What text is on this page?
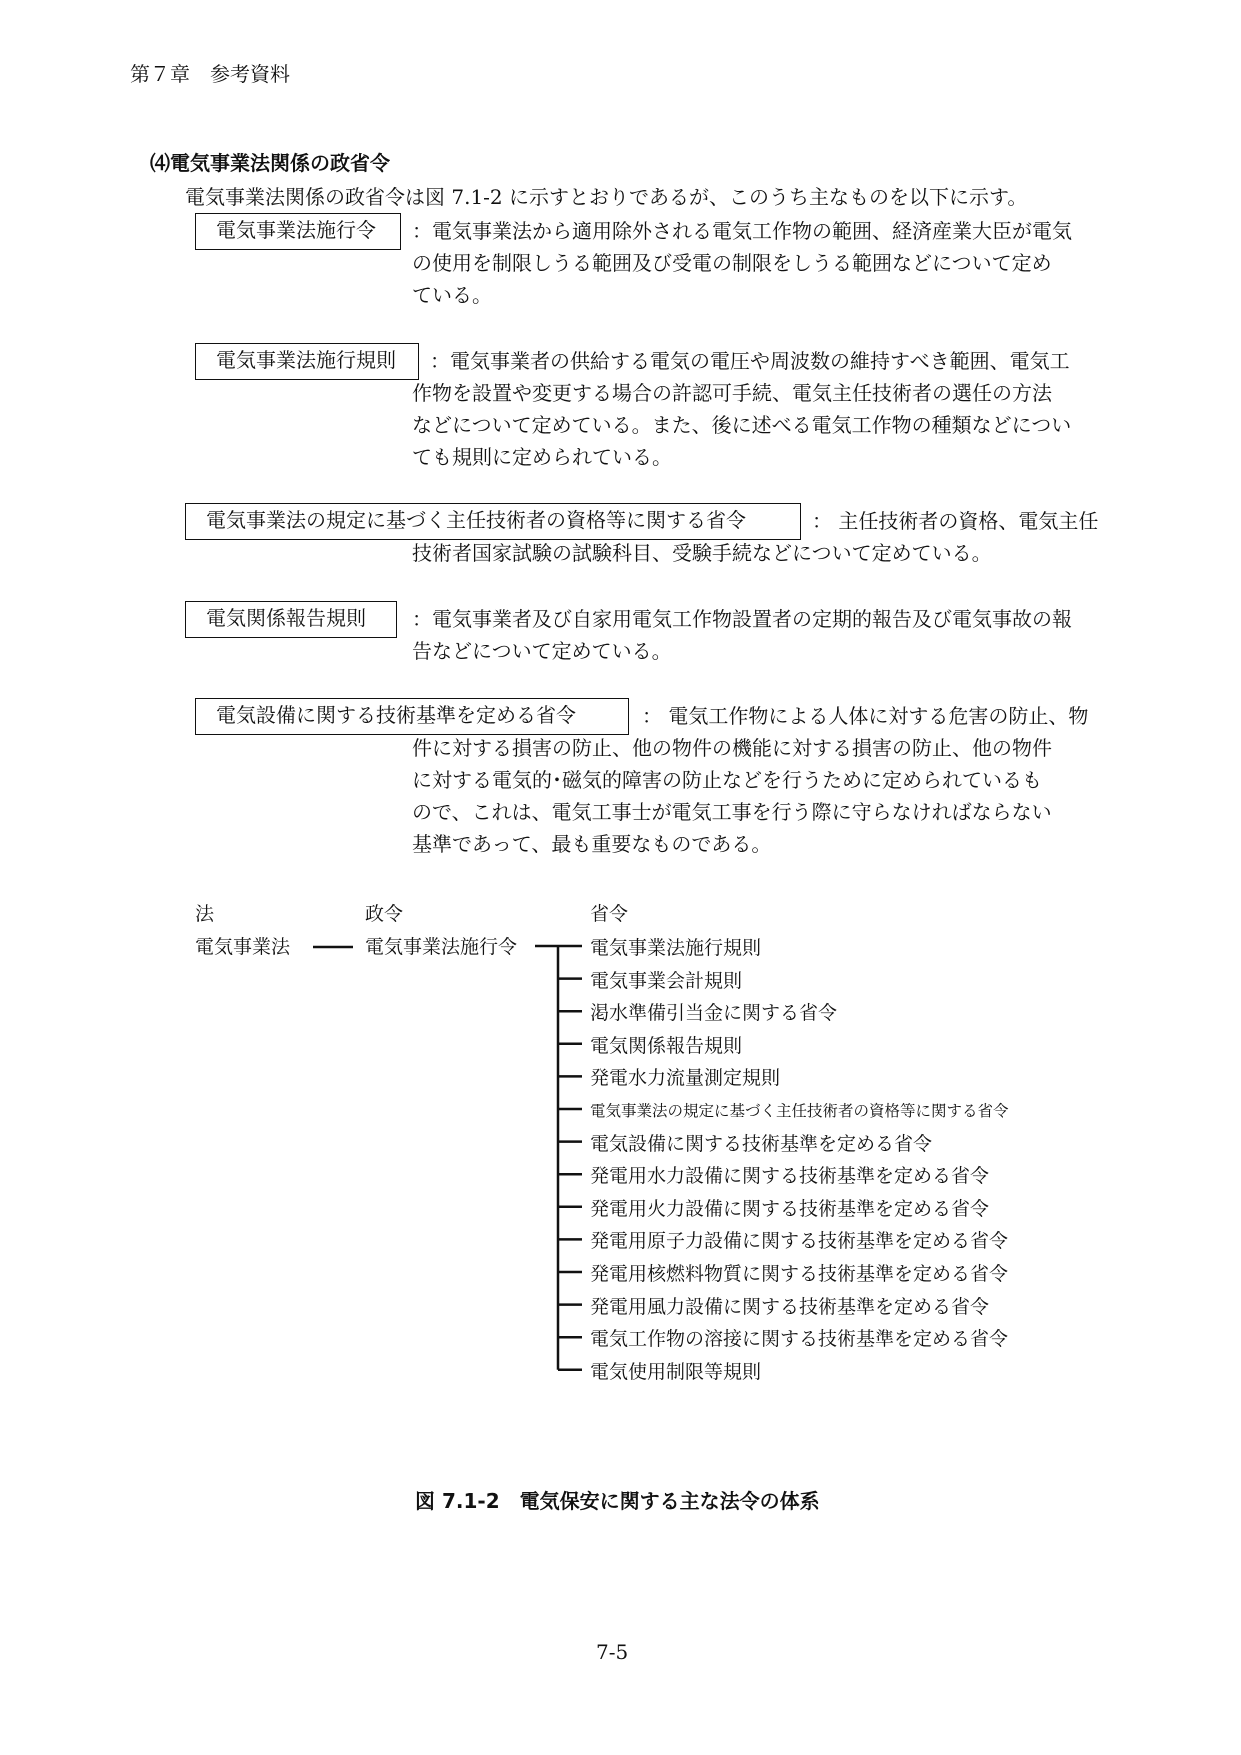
第７章　参考資料
⑷電気事業法関係の政省令
電気事業法関係の政省令は図 7.1-2 に示すとおりであるが、このうち主なものを以下に示す。
電気事業法施行令	：電気事業法から適用除外される電気工作物の範囲、経済産業大臣が電気
の使用を制限しうる範囲及び受電の制限をしうる範囲などについて定め
ている。
電気事業法施行規則	：電気事業者の供給する電気の電圧や周波数の維持すべき範囲、電気工
作物を設置や変更する場合の許認可手続、電気主任技術者の選任の方法
などについて定めている。また、後に述べる電気工作物の種類などについ
ても規則に定められている。
電気事業法の規定に基づく主任技術者の資格等に関する省令	： 主任技術者の資格、電気主任
技術者国家試験の試験科目、受験手続などについて定めている。
電気関係報告規則	：電気事業者及び自家用電気工作物設置者の定期的報告及び電気事故の報
告などについて定めている。
電気設備に関する技術基準を定める省令	： 電気工作物による人体に対する危害の防止、物
件に対する損害の防止、他の物件の機能に対する損害の防止、他の物件
に対する電気的･磁気的障害の防止などを行うために定められているも
ので、これは、電気工事士が電気工事を行う際に守らなければならない
基準であって、最も重要なものである。
法	政令	省令
電気事業法	電気事業法施行令	電気事業法施行規則
電気事業会計規則
渇水準備引当金に関する省令
電気関係報告規則
発電水力流量測定規則
電気事業法の規定に基づく主任技術者の資格等に関する省令
電気設備に関する技術基準を定める省令
発電用水力設備に関する技術基準を定める省令
発電用火力設備に関する技術基準を定める省令
発電用原子力設備に関する技術基準を定める省令
発電用核燃料物質に関する技術基準を定める省令
発電用風力設備に関する技術基準を定める省令
電気工作物の溶接に関する技術基準を定める省令
電気使用制限等規則
図 7.1-2　電気保安に関する主な法令の体系
7-5
